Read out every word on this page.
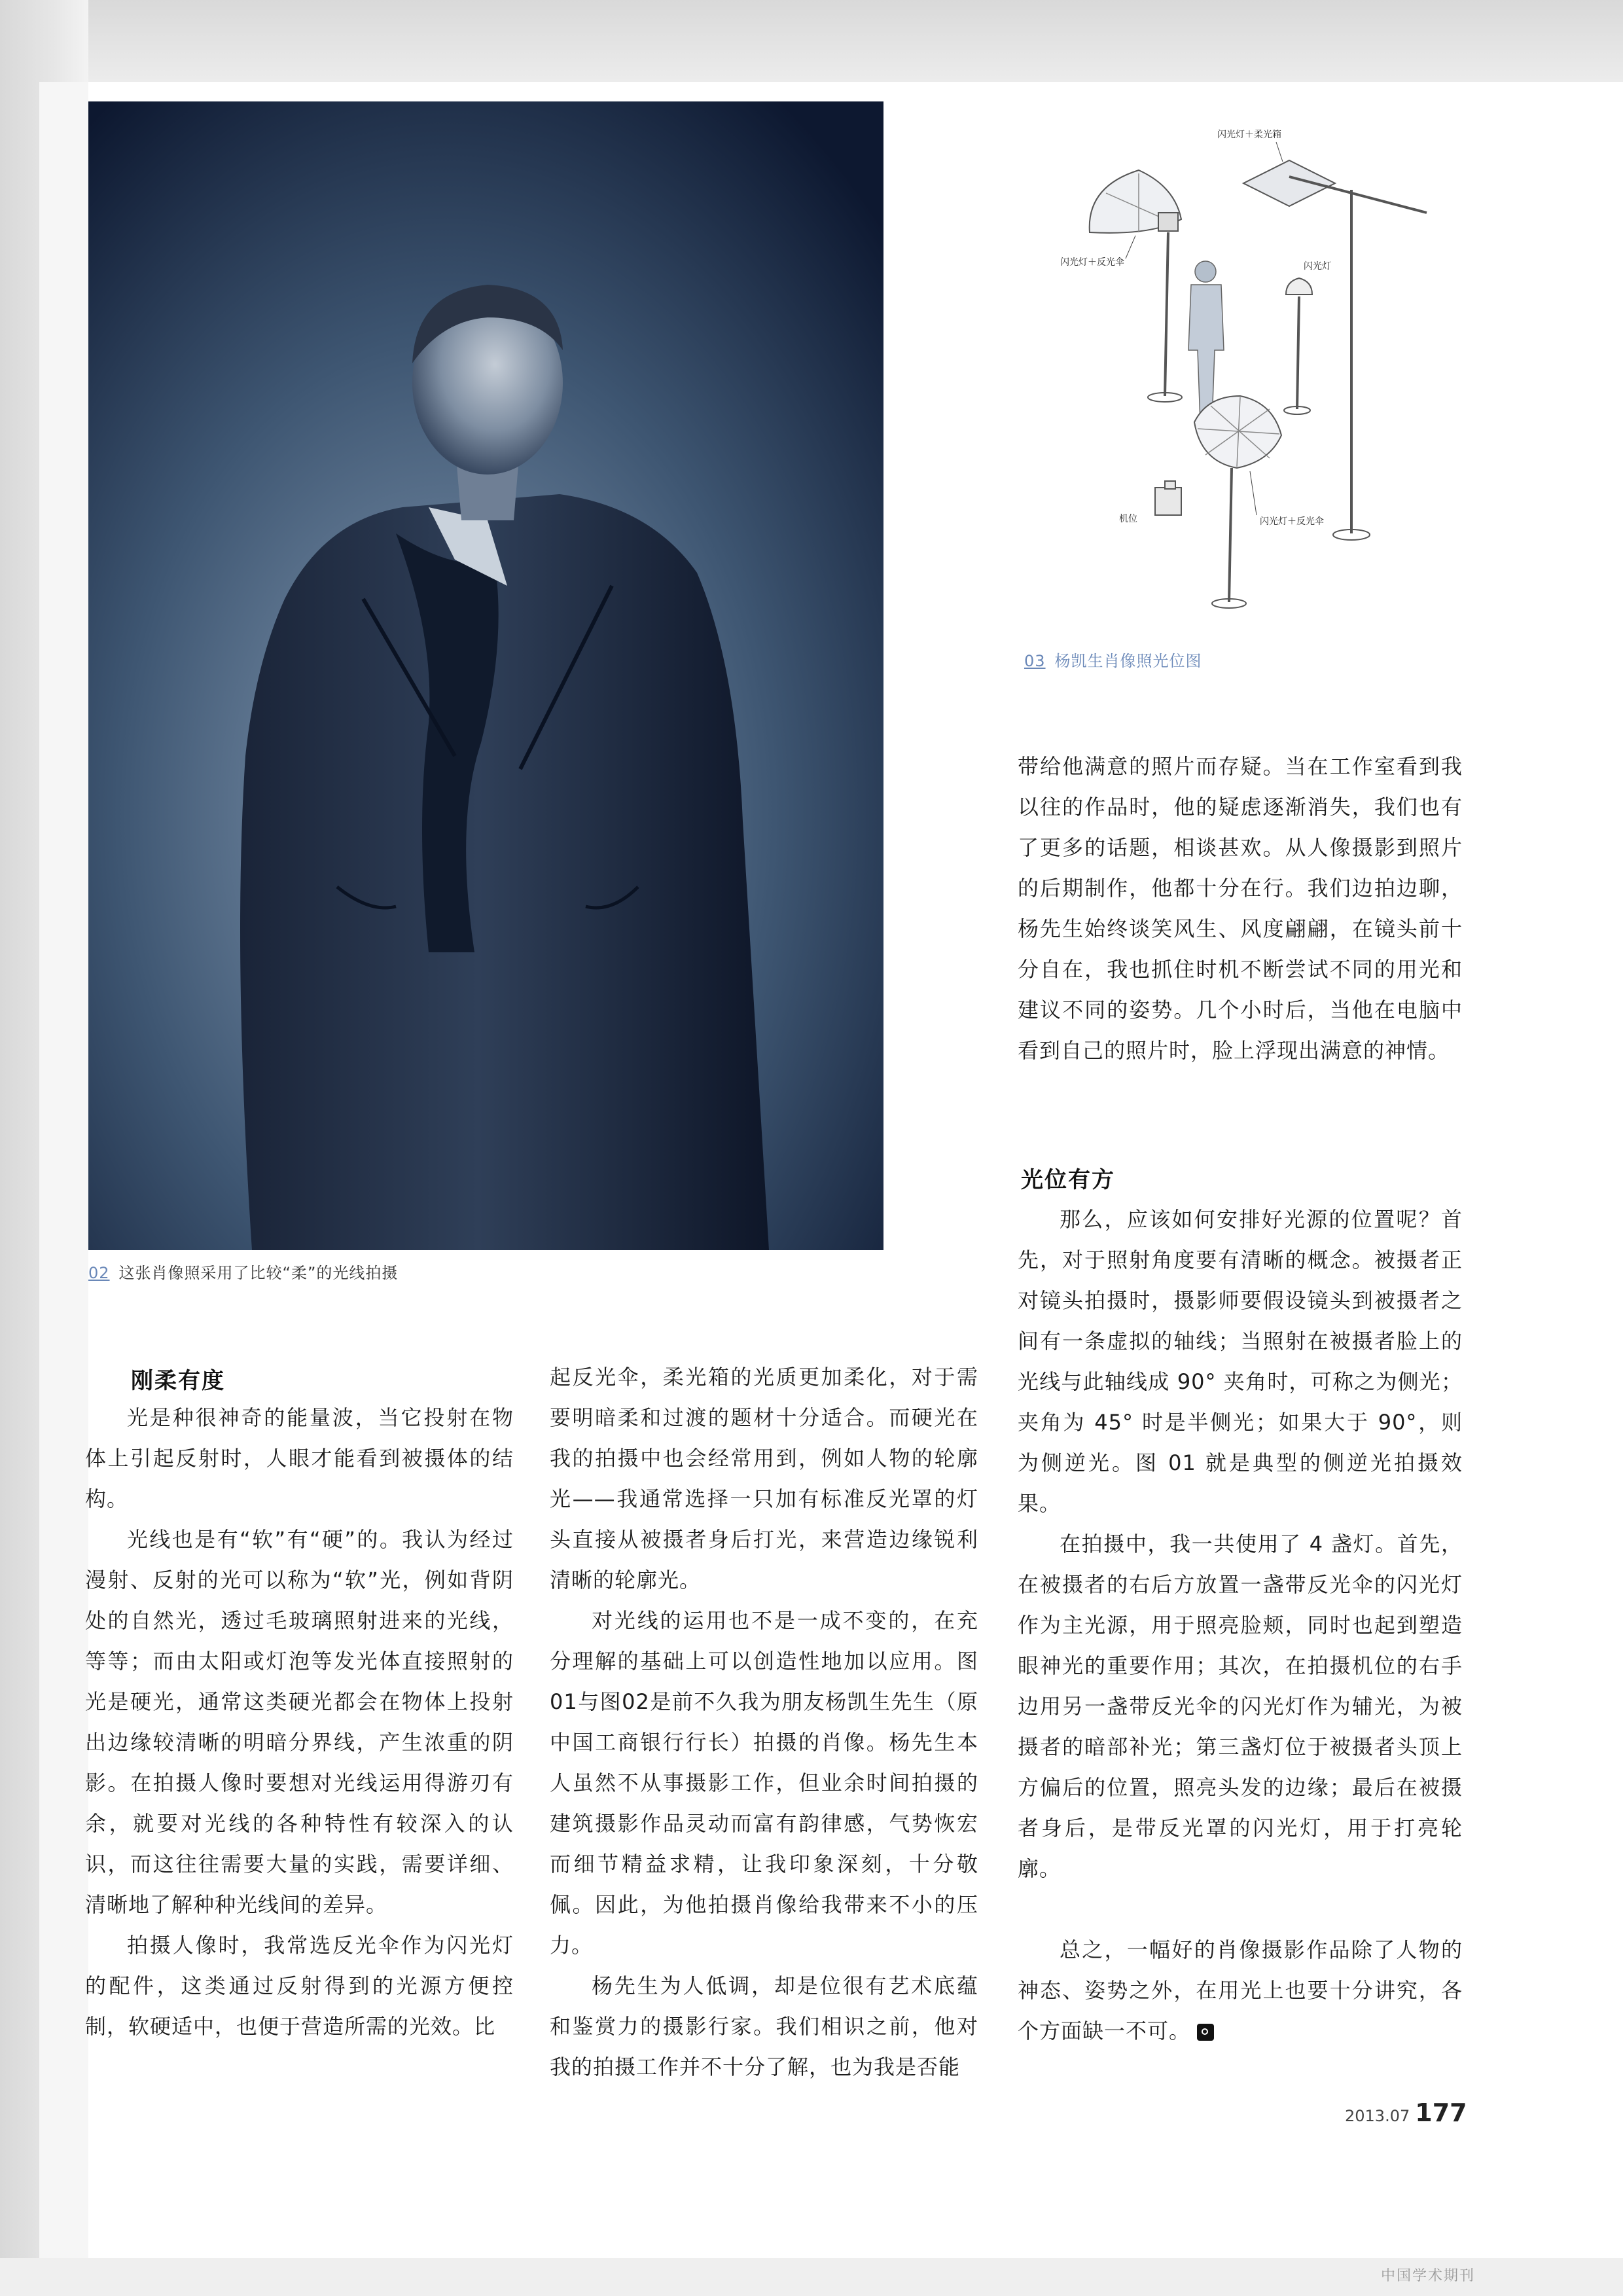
02 这张肖像照采用了比较“柔”的光线拍摄
闪光灯＋柔光箱
闪光灯＋反光伞	闪光灯
机位	闪光灯＋反光伞
03 杨凯生肖像照光位图
刚柔有度

光是种很神奇的能量波，当它投射在物体上引起反射时，人眼才能看到被摄体的结构。

光线也是有“软”有“硬”的。我认为经过漫射、反射的光可以称为“软”光，例如背阴处的自然光，透过毛玻璃照射进来的光线，等等；而由太阳或灯泡等发光体直接照射的光是硬光，通常这类硬光都会在物体上投射出边缘较清晰的明暗分界线，产生浓重的阴影。在拍摄人像时要想对光线运用得游刃有余，就要对光线的各种特性有较深入的认识，而这往往需要大量的实践，需要详细、清晰地了解种种光线间的差异。

拍摄人像时，我常选反光伞作为闪光灯的配件，这类通过反射得到的光源方便控制，软硬适中，也便于营造所需的光效。比

起反光伞，柔光箱的光质更加柔化，对于需要明暗柔和过渡的题材十分适合。而硬光在我的拍摄中也会经常用到，例如人物的轮廓光——我通常选择一只加有标准反光罩的灯头直接从被摄者身后打光，来营造边缘锐利清晰的轮廓光。

对光线的运用也不是一成不变的，在充分理解的基础上可以创造性地加以应用。图01与图02是前不久我为朋友杨凯生先生（原中国工商银行行长）拍摄的肖像。杨先生本人虽然不从事摄影工作，但业余时间拍摄的建筑摄影作品灵动而富有韵律感，气势恢宏而细节精益求精，让我印象深刻，十分敬佩。因此，为他拍摄肖像给我带来不小的压力。

杨先生为人低调，却是位很有艺术底蕴和鉴赏力的摄影行家。我们相识之前，他对我的拍摄工作并不十分了解，也为我是否能

带给他满意的照片而存疑。当在工作室看到我以往的作品时，他的疑虑逐渐消失，我们也有了更多的话题，相谈甚欢。从人像摄影到照片的后期制作，他都十分在行。我们边拍边聊，杨先生始终谈笑风生、风度翩翩，在镜头前十分自在，我也抓住时机不断尝试不同的用光和建议不同的姿势。几个小时后，当他在电脑中看到自己的照片时，脸上浮现出满意的神情。

光位有方

那么，应该如何安排好光源的位置呢？首先，对于照射角度要有清晰的概念。被摄者正对镜头拍摄时，摄影师要假设镜头到被摄者之间有一条虚拟的轴线；当照射在被摄者脸上的光线与此轴线成 90° 夹角时，可称之为侧光；夹角为 45° 时是半侧光；如果大于 90°，则为侧逆光。图 01 就是典型的侧逆光拍摄效果。

在拍摄中，我一共使用了 4 盏灯。首先，在被摄者的右后方放置一盏带反光伞的闪光灯作为主光源，用于照亮脸颊，同时也起到塑造眼神光的重要作用；其次，在拍摄机位的右手边用另一盏带反光伞的闪光灯作为辅光，为被摄者的暗部补光；第三盏灯位于被摄者头顶上方偏后的位置，照亮头发的边缘；最后在被摄者身后，是带反光罩的闪光灯，用于打亮轮廓。

总之，一幅好的肖像摄影作品除了人物的神态、姿势之外，在用光上也要十分讲究，各个方面缺一不可。

2013.07 177
中国学术期刊
